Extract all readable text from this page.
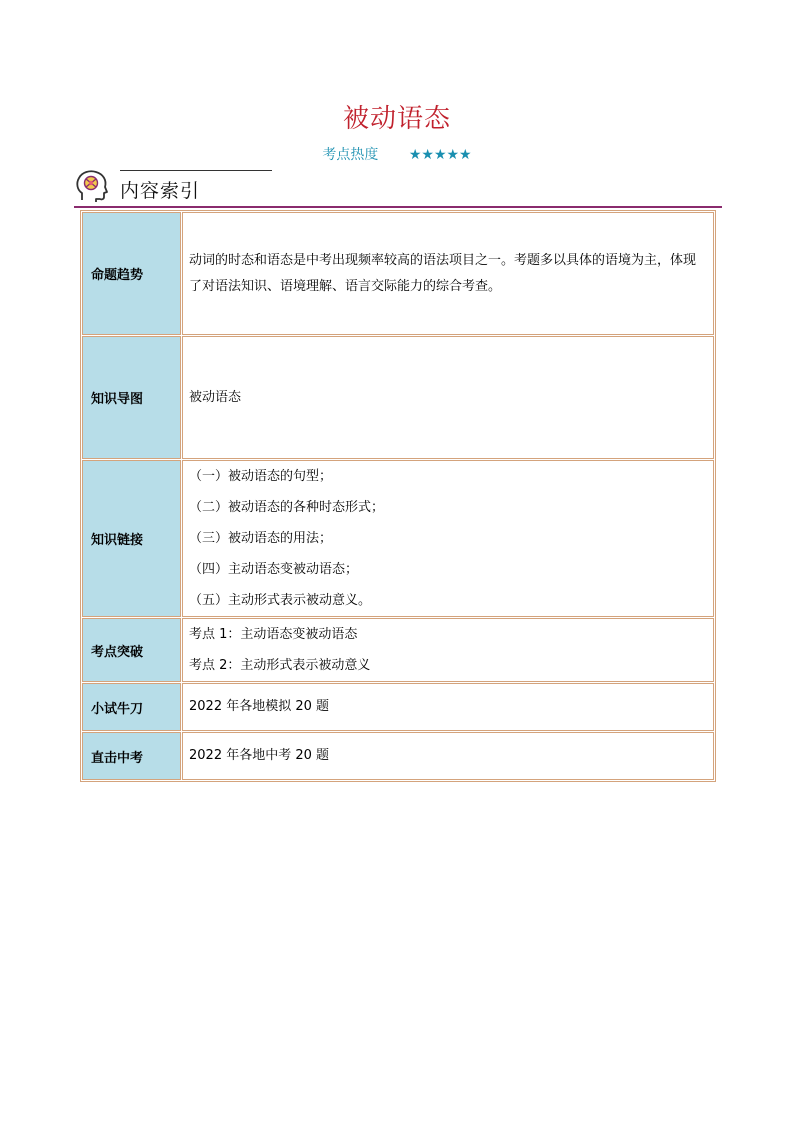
被动语态
考点热度 ★★★★★
内容索引
命题趋势	动词的时态和语态是中考出现频率较高的语法项目之一。考题多以具体的语境为主，体现了对语法知识、语境理解、语言交际能力的综合考查。
知识导图	被动语态
知识链接	（一）被动语态的句型；
（二）被动语态的各种时态形式；
（三）被动语态的用法；
（四）主动语态变被动语态；
（五）主动形式表示被动意义。

考点突破	考点 1：主动语态变被动语态
考点 2：主动形式表示被动意义

小试牛刀	2022 年各地模拟 20 题
直击中考	2022 年各地中考 20 题
